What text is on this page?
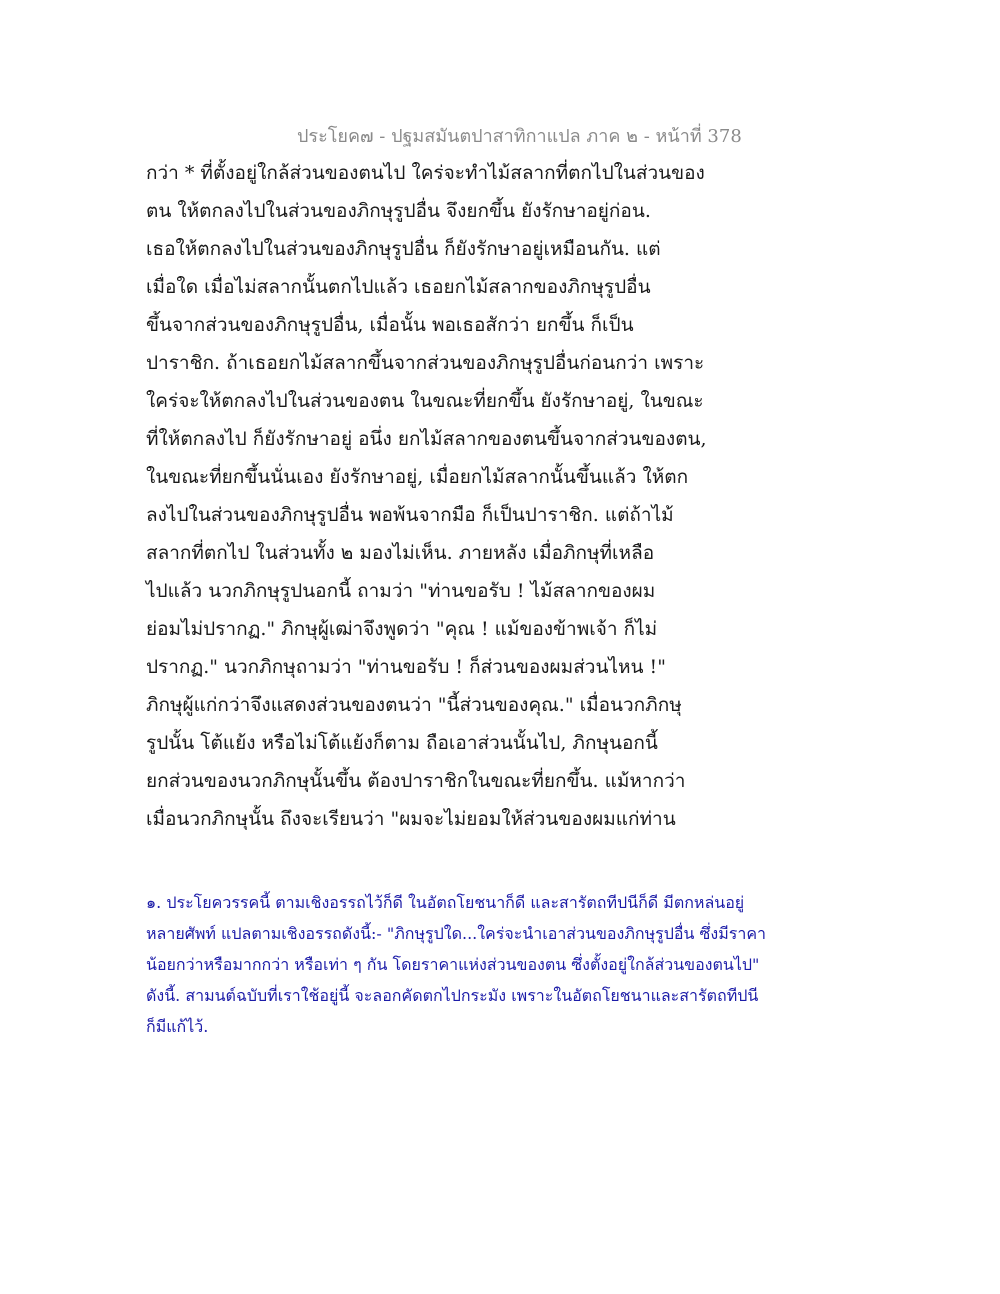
ประโยค๗ - ปฐมสมันตปาสาทิกาแปล ภาค ๒ - หน้าที่ 378
กว่า * ที่ตั้งอยู่ใกล้ส่วนของตนไป ใคร่จะทำไม้สลากที่ตกไปในส่วนของ
ตน ให้ตกลงไปในส่วนของภิกษุรูปอื่น จึงยกขึ้น ยังรักษาอยู่ก่อน.
เธอให้ตกลงไปในส่วนของภิกษุรูปอื่น ก็ยังรักษาอยู่เหมือนกัน. แต่
เมื่อใด เมื่อไม่สลากนั้นตกไปแล้ว เธอยกไม้สลากของภิกษุรูปอื่น
ขึ้นจากส่วนของภิกษุรูปอื่น, เมื่อนั้น พอเธอสักว่า ยกขึ้น ก็เป็น
ปาราชิก. ถ้าเธอยกไม้สลากขึ้นจากส่วนของภิกษุรูปอื่นก่อนกว่า เพราะ
ใคร่จะให้ตกลงไปในส่วนของตน ในขณะที่ยกขึ้น ยังรักษาอยู่, ในขณะ
ที่ให้ตกลงไป ก็ยังรักษาอยู่ อนึ่ง ยกไม้สลากของตนขึ้นจากส่วนของตน,
ในขณะที่ยกขึ้นนั่นเอง ยังรักษาอยู่, เมื่อยกไม้สลากนั้นขึ้นแล้ว ให้ตก
ลงไปในส่วนของภิกษุรูปอื่น พอพ้นจากมือ ก็เป็นปาราชิก. แต่ถ้าไม้
สลากที่ตกไป ในส่วนทั้ง ๒ มองไม่เห็น. ภายหลัง เมื่อภิกษุที่เหลือ
ไปแล้ว นวกภิกษุรูปนอกนี้ ถามว่า "ท่านขอรับ ! ไม้สลากของผม
ย่อมไม่ปรากฏ." ภิกษุผู้เฒ่าจึงพูดว่า "คุณ ! แม้ของข้าพเจ้า ก็ไม่
ปรากฏ." นวกภิกษุถามว่า "ท่านขอรับ ! ก็ส่วนของผมส่วนไหน !"
ภิกษุผู้แก่กว่าจึงแสดงส่วนของตนว่า "นี้ส่วนของคุณ." เมื่อนวกภิกษุ
รูปนั้น โต้แย้ง หรือไม่โต้แย้งก็ตาม ถือเอาส่วนนั้นไป, ภิกษุนอกนี้
ยกส่วนของนวกภิกษุนั้นขึ้น ต้องปาราชิกในขณะที่ยกขึ้น. แม้หากว่า
เมื่อนวกภิกษุนั้น ถึงจะเรียนว่า "ผมจะไม่ยอมให้ส่วนของผมแก่ท่าน
๑. ประโยควรรคนี้ ตามเชิงอรรถไว้ก็ดี ในอัตถโยชนาก็ดี และสารัตถทีปนีก็ดี มีตกหล่นอยู่
หลายศัพท์ แปลตามเชิงอรรถดังนี้:- "ภิกษุรูปใด...ใคร่จะนำเอาส่วนของภิกษุรูปอื่น ซึ่งมีราคา
น้อยกว่าหรือมากกว่า หรือเท่า ๆ กัน โดยราคาแห่งส่วนของตน ซึ่งตั้งอยู่ใกล้ส่วนของตนไป"
ดังนี้. สามนต์ฉบับที่เราใช้อยู่นี้ จะลอกคัดตกไปกระมัง เพราะในอัตถโยชนาและสารัตถทีปนี
ก็มีแก้ไว้.
